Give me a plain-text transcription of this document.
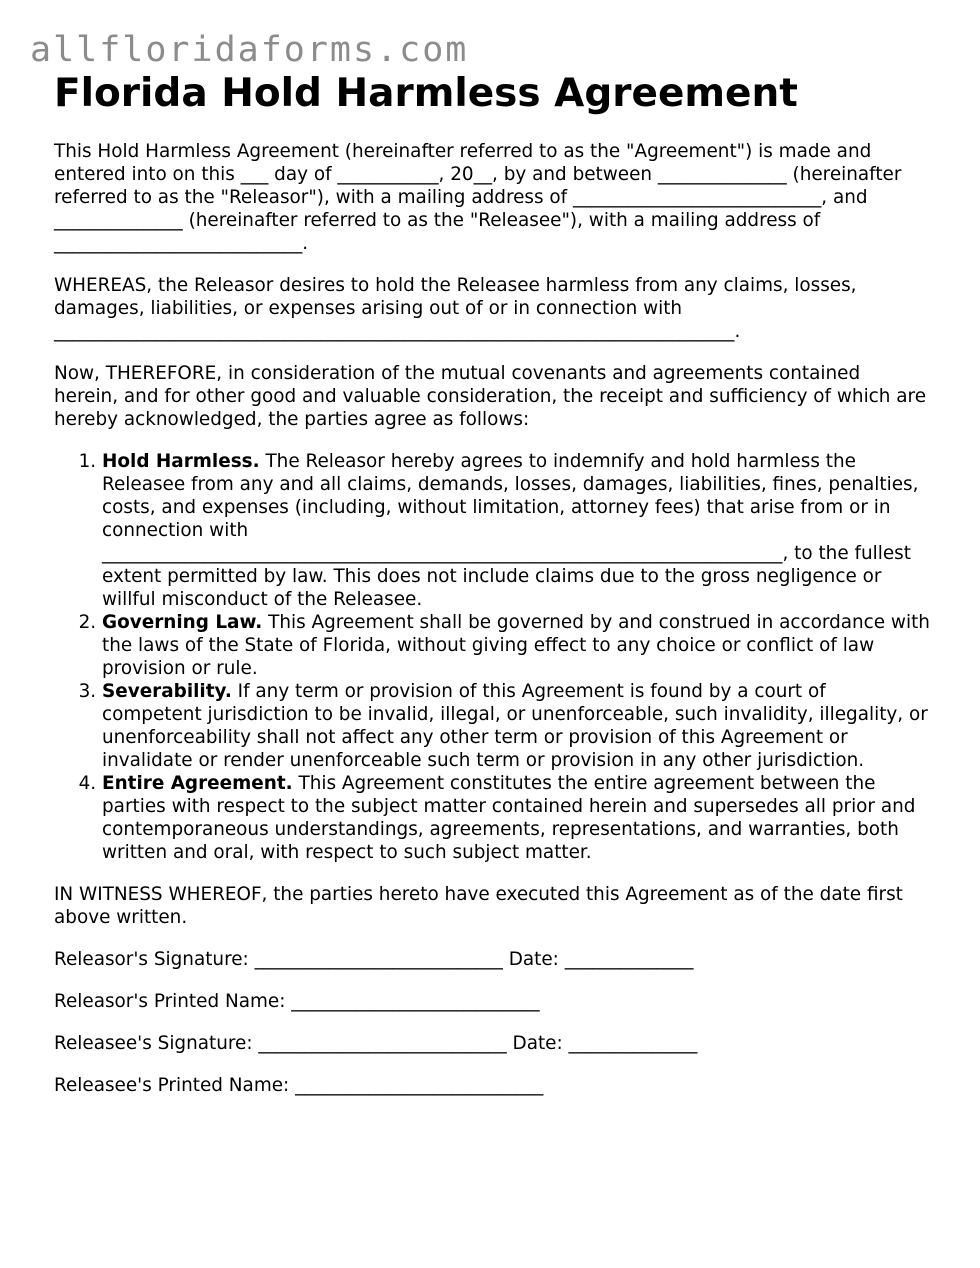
allfloridaforms.com
Florida Hold Harmless Agreement

This Hold Harmless Agreement (hereinafter referred to as the "Agreement") is made and entered into on this ___ day of ___________, 20__, by and between ______________ (hereinafter referred to as the "Releasor"), with a mailing address of ___________________________, and ______________ (hereinafter referred to as the "Releasee"), with a mailing address of ___________________________.

WHEREAS, the Releasor desires to hold the Releasee harmless from any claims, losses, damages, liabilities, or expenses arising out of or in connection with __________________________________________________________________________.

Now, THEREFORE, in consideration of the mutual covenants and agreements contained herein, and for other good and valuable consideration, the receipt and sufficiency of which are hereby acknowledged, the parties agree as follows:

1. Hold Harmless. The Releasor hereby agrees to indemnify and hold harmless the Releasee from any and all claims, demands, losses, damages, liabilities, fines, penalties, costs, and expenses (including, without limitation, attorney fees) that arise from or in connection with __________________________________________________________________________, to the fullest extent permitted by law. This does not include claims due to the gross negligence or willful misconduct of the Releasee.
2. Governing Law. This Agreement shall be governed by and construed in accordance with the laws of the State of Florida, without giving effect to any choice or conflict of law provision or rule.
3. Severability. If any term or provision of this Agreement is found by a court of competent jurisdiction to be invalid, illegal, or unenforceable, such invalidity, illegality, or unenforceability shall not affect any other term or provision of this Agreement or invalidate or render unenforceable such term or provision in any other jurisdiction.
4. Entire Agreement. This Agreement constitutes the entire agreement between the parties with respect to the subject matter contained herein and supersedes all prior and contemporaneous understandings, agreements, representations, and warranties, both written and oral, with respect to such subject matter.

IN WITNESS WHEREOF, the parties hereto have executed this Agreement as of the date first above written.

Releasor's Signature: ___________________________ Date: ______________

Releasor's Printed Name: ___________________________

Releasee's Signature: ___________________________ Date: ______________

Releasee's Printed Name: ___________________________
